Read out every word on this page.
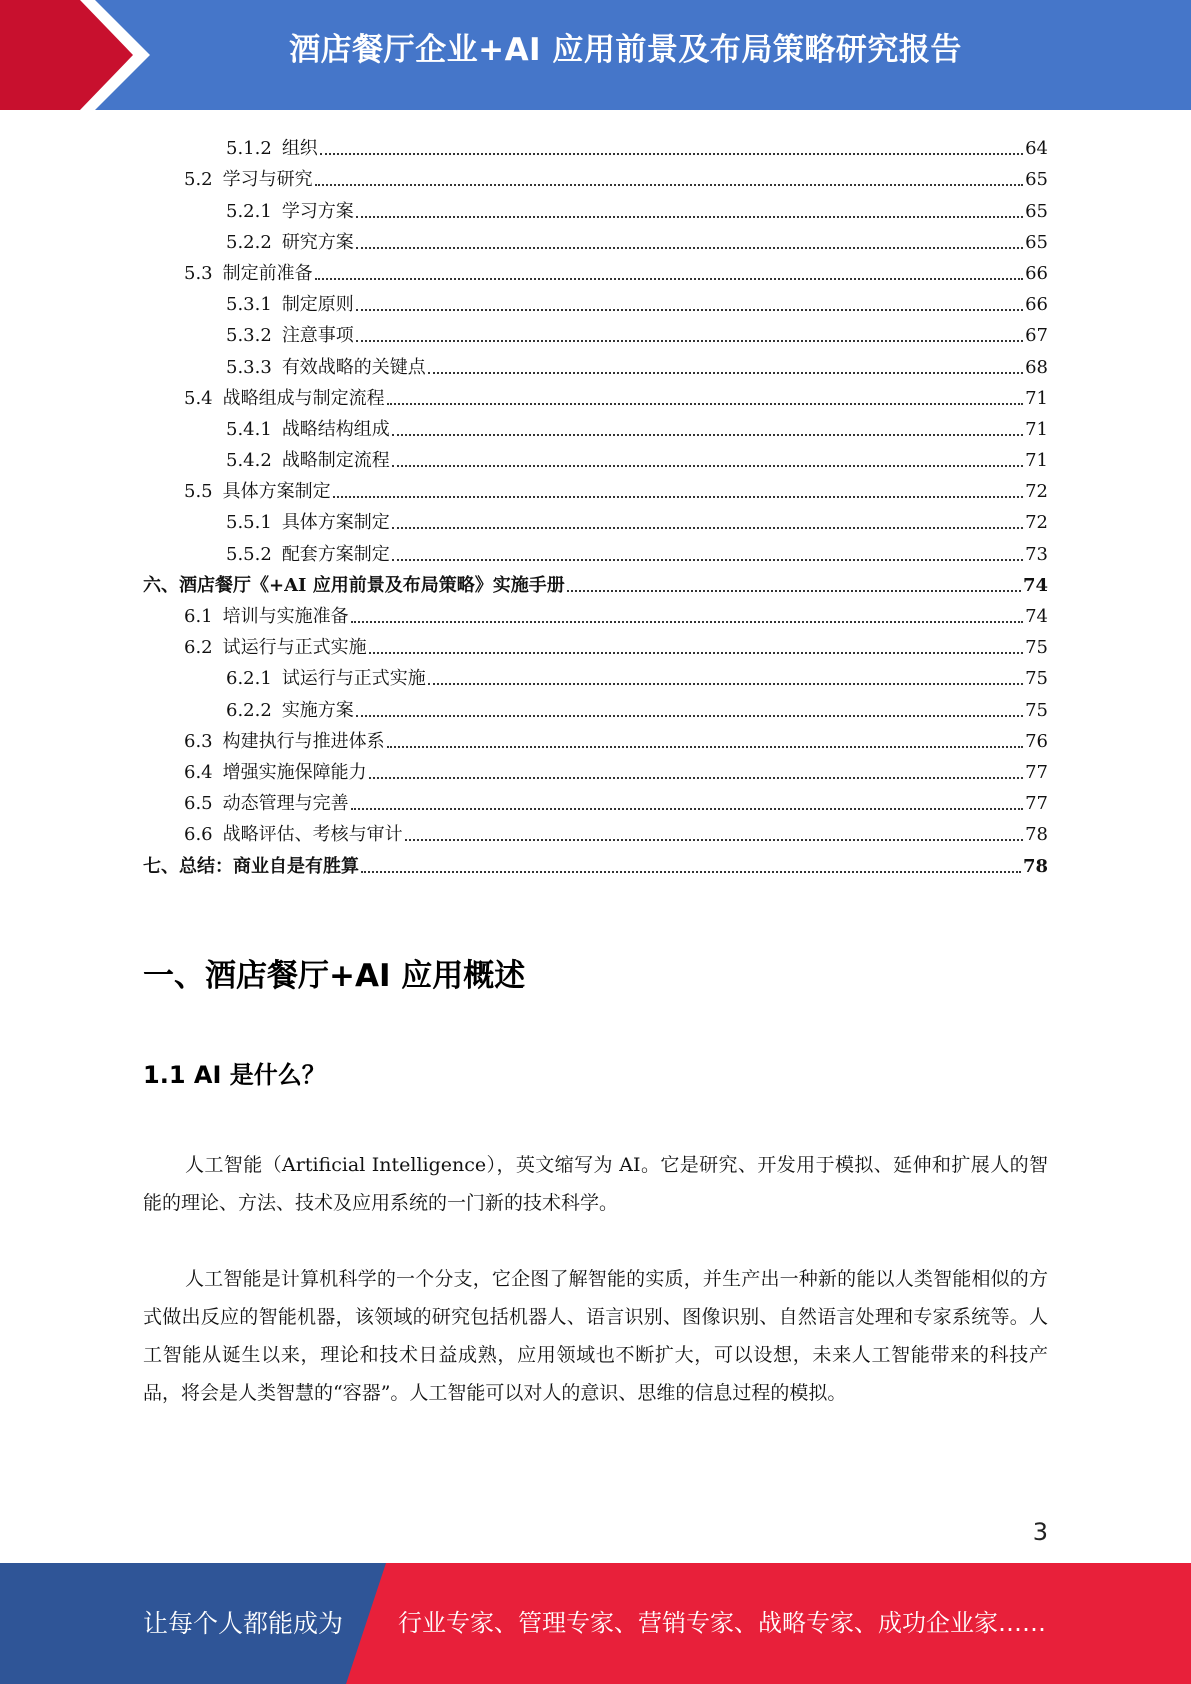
酒店餐厅企业+AI 应用前景及布局策略研究报告
5.1.2 组织	64
5.2 学习与研究	65
5.2.1 学习方案	65
5.2.2 研究方案	65
5.3 制定前准备	66
5.3.1 制定原则	66
5.3.2 注意事项	67
5.3.3 有效战略的关键点	68
5.4 战略组成与制定流程	71
5.4.1 战略结构组成	71
5.4.2 战略制定流程	71
5.5 具体方案制定	72
5.5.1 具体方案制定	72
5.5.2 配套方案制定	73
六、 酒店餐厅《+AI 应用前景及布局策略》实施手册	74
6.1 培训与实施准备	74
6.2 试运行与正式实施	75
6.2.1 试运行与正式实施	75
6.2.2 实施方案	75
6.3 构建执行与推进体系	76
6.4 增强实施保障能力	77
6.5 动态管理与完善	77
6.6 战略评估、考核与审计	78
七、 总结：商业自是有胜算	78
一、酒店餐厅+AI 应用概述
1.1 AI 是什么？

人工智能（Artificial Intelligence），英文缩写为 AI。它是研究、开发用于模拟、延伸和扩展人的智能的理论、方法、技术及应用系统的一门新的技术科学。

人工智能是计算机科学的一个分支，它企图了解智能的实质，并生产出一种新的能以人类智能相似的方式做出反应的智能机器，该领域的研究包括机器人、语言识别、图像识别、自然语言处理和专家系统等。人工智能从诞生以来，理论和技术日益成熟，应用领域也不断扩大，可以设想，未来人工智能带来的科技产品，将会是人类智慧的“容器”。人工智能可以对人的意识、思维的信息过程的模拟。

3
让每个人都能成为 行业专家、管理专家、营销专家、战略专家、成功企业家……
